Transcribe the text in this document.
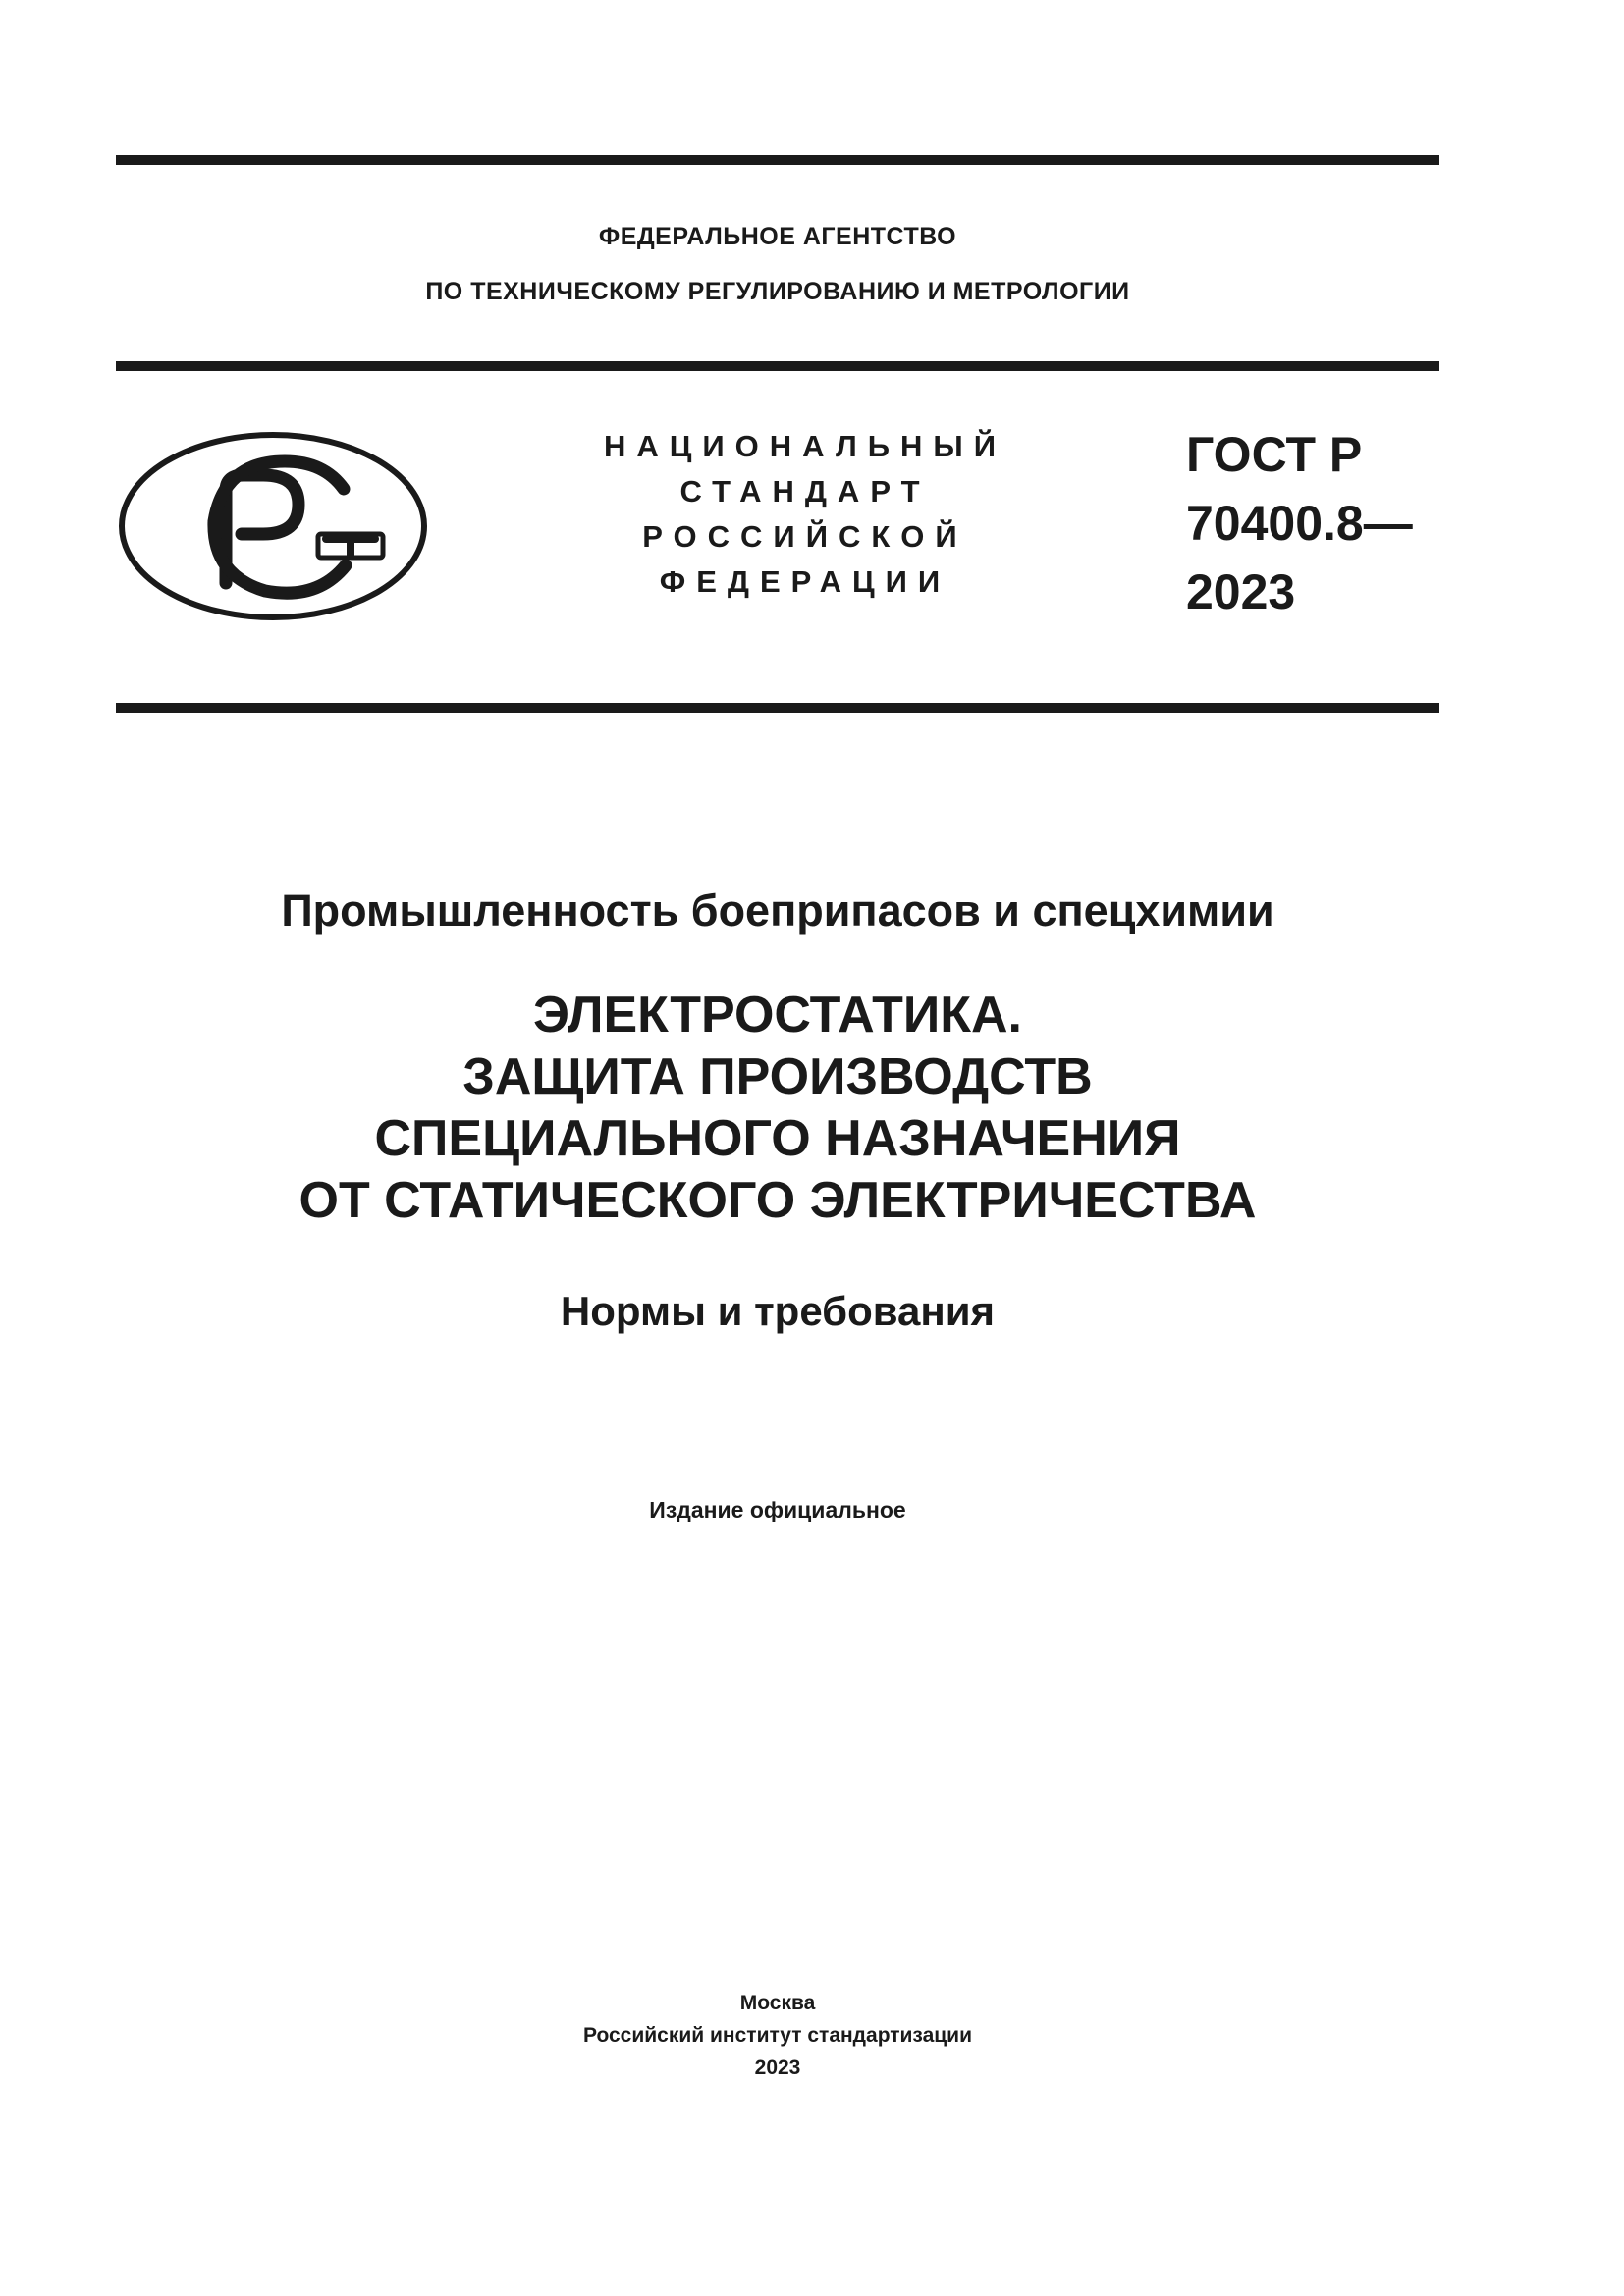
ФЕДЕРАЛЬНОЕ АГЕНТСТВО
ПО ТЕХНИЧЕСКОМУ РЕГУЛИРОВАНИЮ И МЕТРОЛОГИИ
НАЦИОНАЛЬНЫЙ
СТАНДАРТ
РОССИЙСКОЙ
ФЕДЕРАЦИИ
ГОСТ Р
70400.8—
2023
Промышленность боеприпасов и спецхимии
ЭЛЕКТРОСТАТИКА.
ЗАЩИТА ПРОИЗВОДСТВ
СПЕЦИАЛЬНОГО НАЗНАЧЕНИЯ
ОТ СТАТИЧЕСКОГО ЭЛЕКТРИЧЕСТВА
Нормы и требования
Издание официальное
Москва
Российский институт стандартизации
2023
